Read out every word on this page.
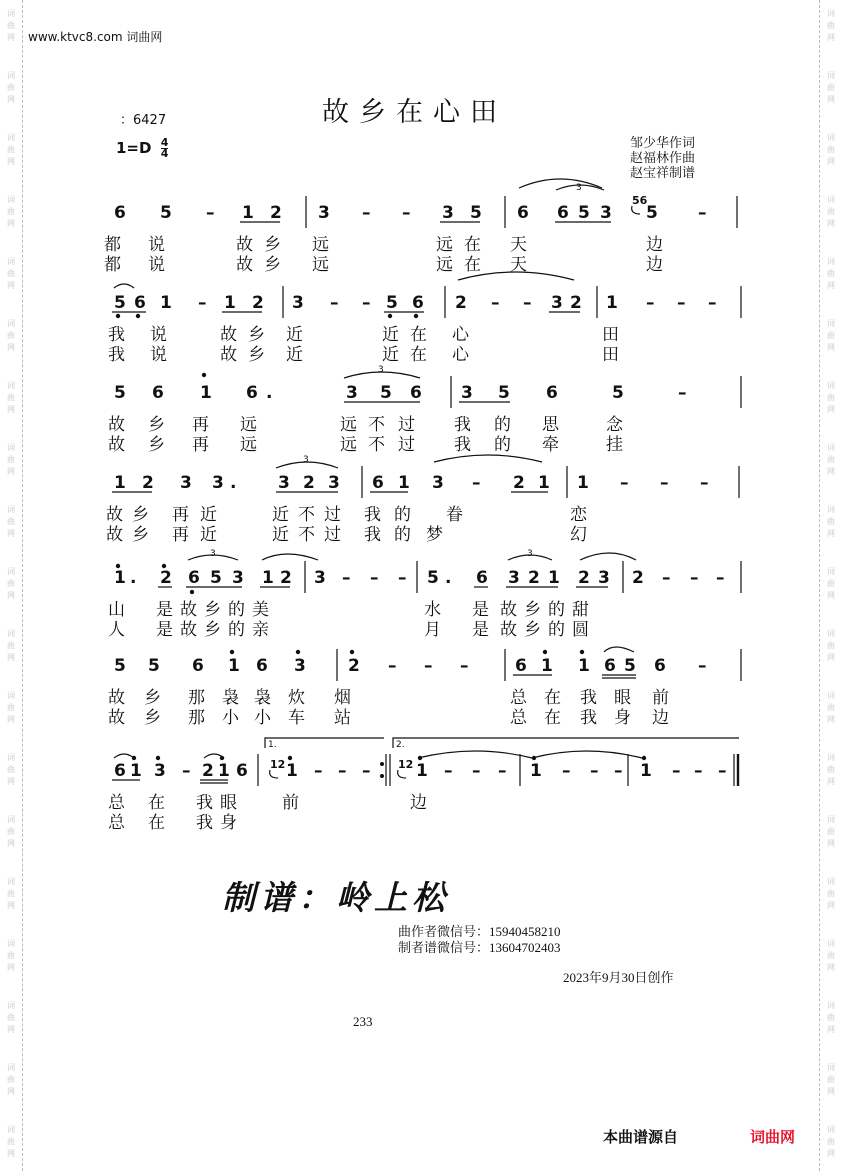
词
曲
网
词
曲
网
词
曲
网
词
曲
网
词
曲
网
词
曲
网
词
曲
网
词
曲
网
词
曲
网
词
曲
网
词
曲
网
词
曲
网
词
曲
网
词
曲
网
词
曲
网
词
曲
网
词
曲
网
词
曲
网
词
曲
网
词
曲
网
词
曲
网
词
曲
网
词
曲
网
词
曲
网
词
曲
网
词
曲
网
词
曲
网
词
曲
网
词
曲
网
词
曲
网
词
曲
网
词
曲
网
词
曲
网
词
曲
网
词
曲
网
词
曲
网
词
曲
网
词
曲
网
www.ktvc8.com 词曲网
：6427	故乡在心田
$1=D \frac{4}{4}$	邹少华作词
赵福林作曲
赵宝祥制谱
6 5 – 1 2 3 – – 3 5 6 6 5 3 5 –
都 说	故 乡 远	远 在 天	边
都 说	故 乡 远	远 在 天	边
5 6 1 – 1 2 3 – – 5 6 2 – – 3 2 1 – – –
我 说	故 乡 近	近 在 心	田
我 说	故 乡 近	近 在 心	田
5 6 1 6 .	3 5 6 3 5 6	5	–
故 乡 再 远	远 不 过 我 的 思	念
故 乡 再 远	远 不 过 我 的 牵	挂
1 2 3 3 . 3 2 3 6 1 3 – 2 1 1 – – –
故 乡 再 近	近 不 过 我 的 眷	恋
故 乡 再 近	近 不 过 我 的 梦	幻
1 . 2 6 5 3 1 2 3 – – – 5 . 6 3 2 1 2 3 2 – – –
山 是 故 乡 的 美	水 是 故 乡 的 甜
人 是 故 乡 的 亲	月 是 故 乡 的 圆
5 5 6 1 6 3 2 – – –	6 1 1 6 5 6 –
故 乡 那 袅 袅 炊 烟	总 在 我 眼 前
故 乡 那 小 小 车 站	总 在 我 身 边
6 1 3 – 2 1 6 1 – – –	1 – – – 1 – – – 1 – – –
总 在 我 眼	前	边
总 在 我 身
3
3
3
3	3
1.	2.
12	12
56
制谱：岭上松
曲作者微信号：15940458210
制者谱微信号：13604702403
2023年9月30日创作
233
本曲谱源自	词曲网
